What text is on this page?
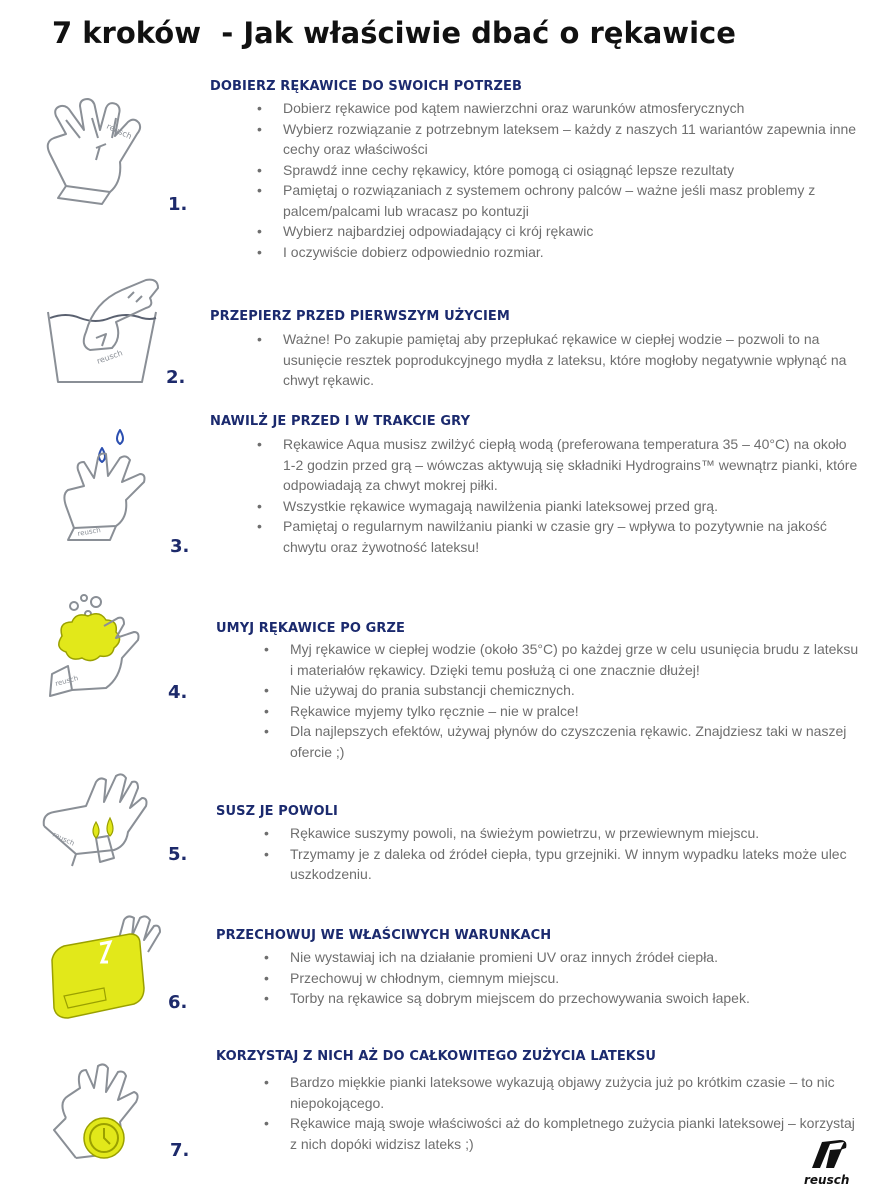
7 kroków  - Jak właściwie dbać o rękawice
reusch
1.
DOBIERZ RĘKAWICE DO SWOICH POTRZEB
• Dobierz rękawice pod kątem nawierzchni oraz warunków atmosferycznych
• Wybierz rozwiązanie z potrzebnym lateksem – każdy z naszych 11 wariantów zapewnia inne cechy oraz właściwości
• Sprawdź inne cechy rękawicy, które pomogą ci osiągnąć lepsze rezultaty
• Pamiętaj o rozwiązaniach z systemem ochrony palców – ważne jeśli masz problemy z palcem/palcami lub wracasz po kontuzji
• Wybierz najbardziej odpowiadający ci krój rękawic
• I oczywiście dobierz odpowiednio rozmiar.
reusch
2.
PRZEPIERZ PRZED PIERWSZYM UŻYCIEM
• Ważne! Po zakupie pamiętaj aby przepłukać rękawice w ciepłej wodzie – pozwoli to na usunięcie resztek poprodukcyjnego mydła z lateksu, które mogłoby negatywnie wpłynąć na chwyt rękawic.
reusch
3.
NAWILŻ JE PRZED I W TRAKCIE GRY
• Rękawice Aqua musisz zwilżyć ciepłą wodą (preferowana temperatura 35 – 40°C) na około 1-2 godzin przed grą – wówczas aktywują się składniki Hydrograins™ wewnątrz pianki, które odpowiadają za chwyt mokrej piłki.
• Wszystkie rękawice wymagają nawilżenia pianki lateksowej przed grą.
• Pamiętaj o regularnym nawilżaniu pianki w czasie gry – wpływa to pozytywnie na jakość chwytu oraz żywotność lateksu!
reusch
4.
UMYJ RĘKAWICE PO GRZE
• Myj rękawice w ciepłej wodzie (około 35°C) po każdej grze w celu usunięcia brudu z lateksu i materiałów rękawicy. Dzięki temu posłużą ci one znacznie dłużej!
• Nie używaj do prania substancji chemicznych.
• Rękawice myjemy tylko ręcznie – nie w pralce!
• Dla najlepszych efektów, używaj płynów do czyszczenia rękawic. Znajdziesz taki w naszej ofercie ;)
reusch
5.
SUSZ JE POWOLI
• Rękawice suszymy powoli, na świeżym powietrzu, w przewiewnym miejscu.
• Trzymamy je z daleka od źródeł ciepła, typu grzejniki. W innym wypadku lateks może ulec uszkodzeniu.
6.
PRZECHOWUJ WE WŁAŚCIWYCH WARUNKACH
• Nie wystawiaj ich na działanie promieni UV oraz innych źródeł ciepła.
• Przechowuj w chłodnym, ciemnym miejscu.
• Torby na rękawice są dobrym miejscem do przechowywania swoich łapek.
7.
KORZYSTAJ Z NICH AŻ DO CAŁKOWITEGO ZUŻYCIA LATEKSU
• Bardzo miękkie pianki lateksowe wykazują objawy zużycia już po krótkim czasie – to nic niepokojącego.
• Rękawice mają swoje właściwości aż do kompletnego zużycia pianki lateksowej – korzystaj z nich dopóki widzisz lateks ;)
reusch
